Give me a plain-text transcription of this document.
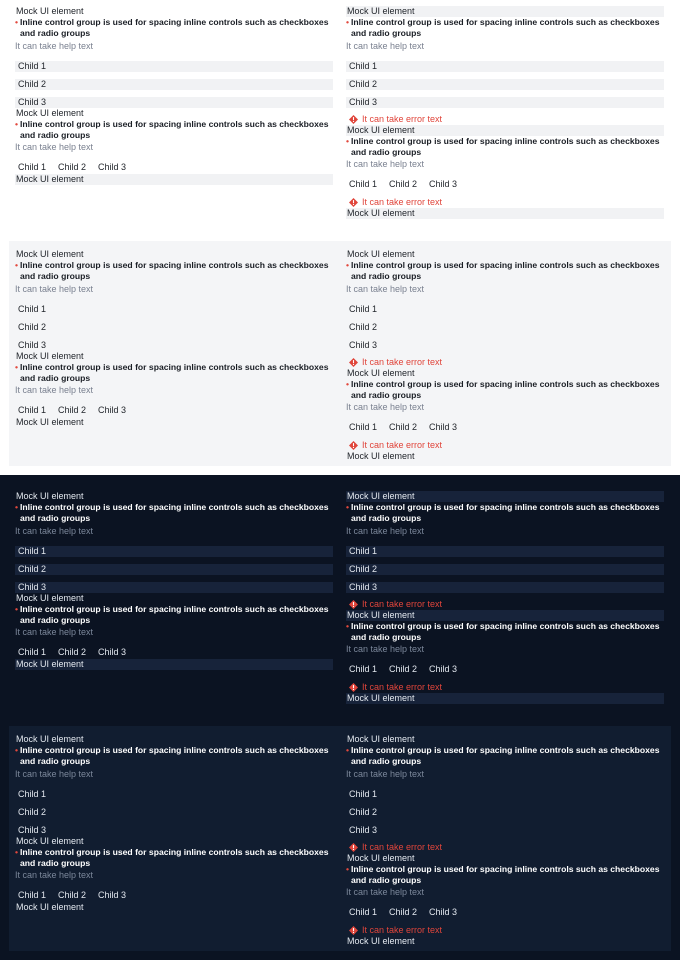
Mock UI element
• Inline control group is used for spacing inline controls such as checkboxes and radio groups
It can take help text
Child 1
Child 2
Child 3
Mock UI element
• Inline control group is used for spacing inline controls such as checkboxes and radio groups
It can take help text
Child 1	Child 2	Child 3
Mock UI element
Mock UI element
• Inline control group is used for spacing inline controls such as checkboxes and radio groups
It can take help text
Child 1
Child 2
Child 3
It can take error text
Mock UI element
• Inline control group is used for spacing inline controls such as checkboxes and radio groups
It can take help text
Child 1	Child 2	Child 3
It can take error text
Mock UI element
Mock UI element
• Inline control group is used for spacing inline controls such as checkboxes and radio groups
It can take help text
Child 1
Child 2
Child 3
Mock UI element
• Inline control group is used for spacing inline controls such as checkboxes and radio groups
It can take help text
Child 1	Child 2	Child 3
Mock UI element
Mock UI element
• Inline control group is used for spacing inline controls such as checkboxes and radio groups
It can take help text
Child 1
Child 2
Child 3
It can take error text
Mock UI element
• Inline control group is used for spacing inline controls such as checkboxes and radio groups
It can take help text
Child 1	Child 2	Child 3
It can take error text
Mock UI element
Mock UI element
• Inline control group is used for spacing inline controls such as checkboxes and radio groups
It can take help text
Child 1
Child 2
Child 3
Mock UI element
• Inline control group is used for spacing inline controls such as checkboxes and radio groups
It can take help text
Child 1	Child 2	Child 3
Mock UI element
Mock UI element
• Inline control group is used for spacing inline controls such as checkboxes and radio groups
It can take help text
Child 1
Child 2
Child 3
It can take error text
Mock UI element
• Inline control group is used for spacing inline controls such as checkboxes and radio groups
It can take help text
Child 1	Child 2	Child 3
It can take error text
Mock UI element
Mock UI element
• Inline control group is used for spacing inline controls such as checkboxes and radio groups
It can take help text
Child 1
Child 2
Child 3
Mock UI element
• Inline control group is used for spacing inline controls such as checkboxes and radio groups
It can take help text
Child 1	Child 2	Child 3
Mock UI element
Mock UI element
• Inline control group is used for spacing inline controls such as checkboxes and radio groups
It can take help text
Child 1
Child 2
Child 3
It can take error text
Mock UI element
• Inline control group is used for spacing inline controls such as checkboxes and radio groups
It can take help text
Child 1	Child 2	Child 3
It can take error text
Mock UI element
